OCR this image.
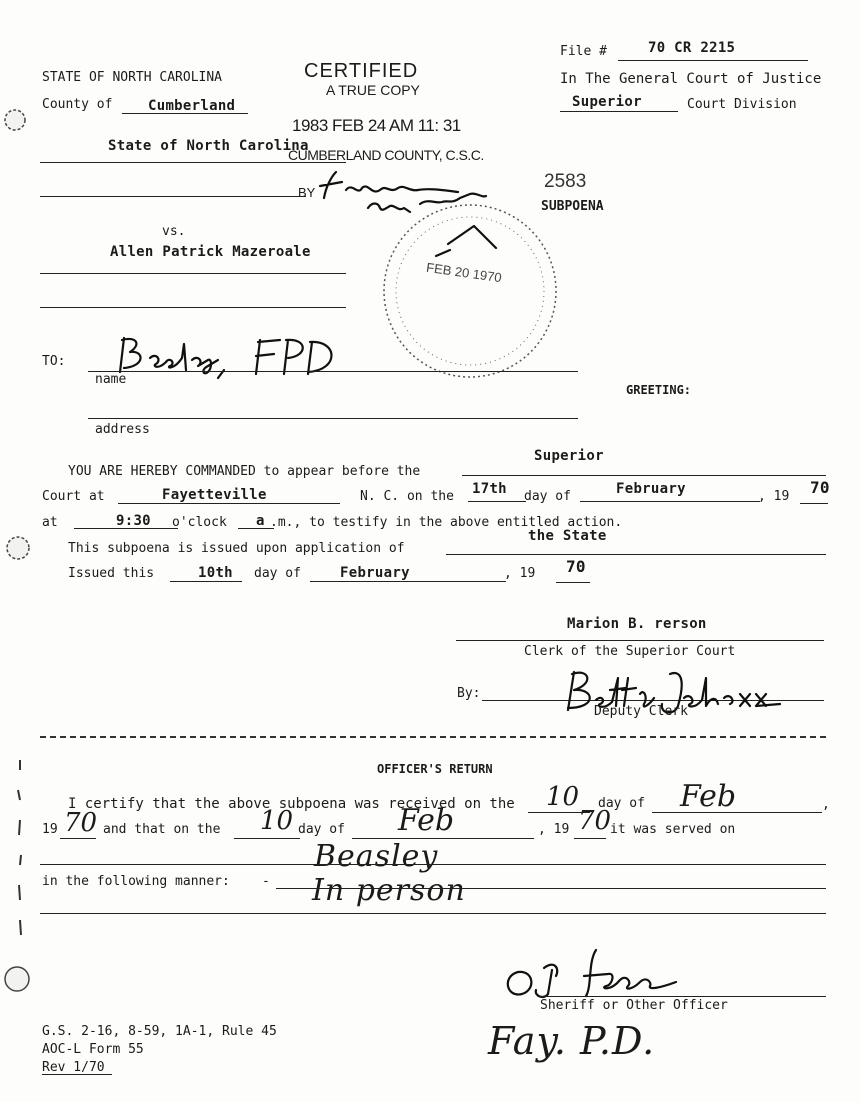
File #	70 CR 2215
STATE OF NORTH CAROLINA
County of	Cumberland
In The General Court of Justice
Superior	Court Division
CERTIFIED
A TRUE COPY
1983 FEB 24 AM 11: 31
CUMBERLAND COUNTY, C.S.C.
BY
State of North Carolina
vs.
Allen Patrick Mazeroale
2583
SUBPOENA
FEB 20 1970
TO:
name
GREETING:
address
Superior
YOU ARE HEREBY COMMANDED to appear before the
Court at	Fayetteville	N. C. on the 17th day of	February	, 19 70
at	9:30 o'clock a .m., to testify in the above entitled action.
the State
This subpoena is issued upon application of
Issued this	10th day of	February	, 19 70
Marion B. rerson
Clerk of the Superior Court
By:
Deputy Clerk
OFFICER'S RETURN
I certify that the above subpoena was received on the 10 day of Feb	,
19 70 and that on the 10 day of Feb	, 19 70
it was served on
Beasley
in the following manner: - In person
Sheriff or Other Officer
Fay. P.D.
G.S. 2-16, 8-59, 1A-1, Rule 45
AOC-L Form 55
Rev 1/70
